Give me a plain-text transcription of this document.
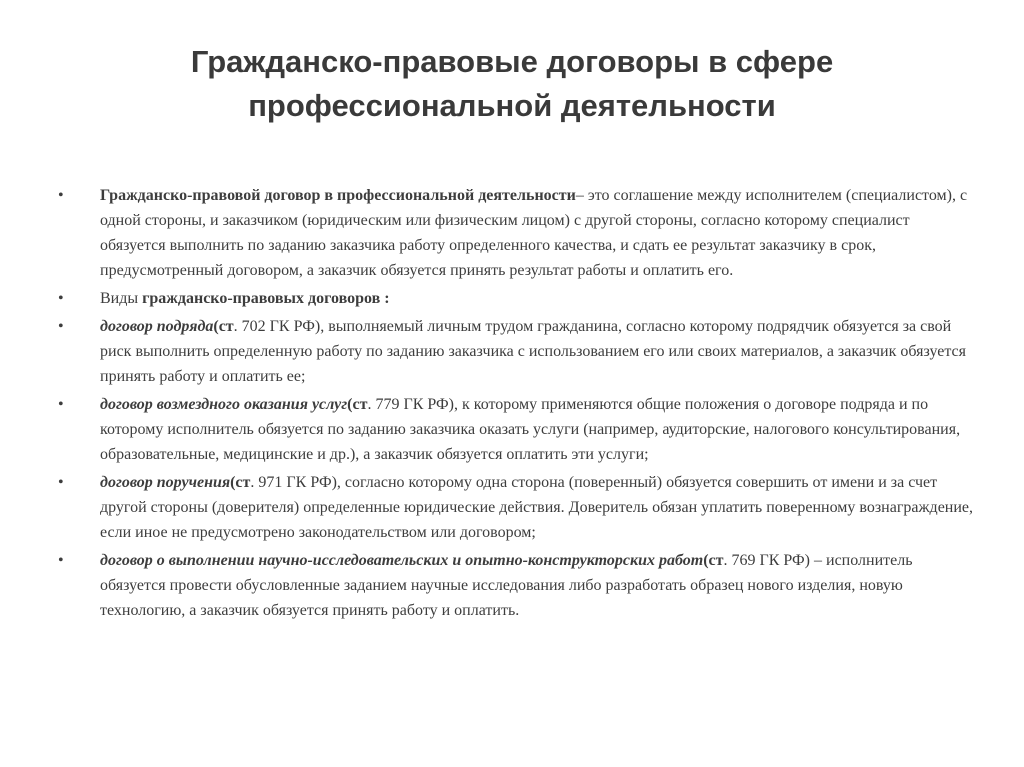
Гражданско-правовые договоры в сфере
профессиональной деятельности
• Гражданско-правовой договор в профессиональной деятельности– это соглашение между исполнителем (специалистом), с одной стороны, и заказчиком (юридическим или физическим лицом) с другой стороны, согласно которому специалист обязуется выполнить по заданию заказчика работу определенного качества, и сдать ее результат заказчику в срок, предусмотренный договором, а заказчик обязуется принять результат работы и оплатить его.
• Виды гражданско-правовых договоров :
• договор подряда(ст. 702 ГК РФ), выполняемый личным трудом гражданина, согласно которому подрядчик обязуется за свой риск выполнить определенную работу по заданию заказчика с использованием его или своих материалов, а заказчик обязуется принять работу и оплатить ее;
• договор возмездного оказания услуг(ст. 779 ГК РФ), к которому применяются общие положения о договоре подряда и по которому исполнитель обязуется по заданию заказчика оказать услуги (например, аудиторские, налогового консультирования, образовательные, медицинские и др.), а заказчик обязуется оплатить эти услуги;
• договор поручения(ст. 971 ГК РФ), согласно которому одна сторона (поверенный) обязуется совершить от имени и за счет другой стороны (доверителя) определенные юридические действия. Доверитель обязан уплатить поверенному вознаграждение, если иное не предусмотрено законодательством или договором;
• договор о выполнении научно-исследовательских и опытно-конструкторских работ(ст. 769 ГК РФ) – исполнитель обязуется провести обусловленные заданием научные исследования либо разработать образец нового изделия, новую технологию, а заказчик обязуется принять работу и оплатить.
